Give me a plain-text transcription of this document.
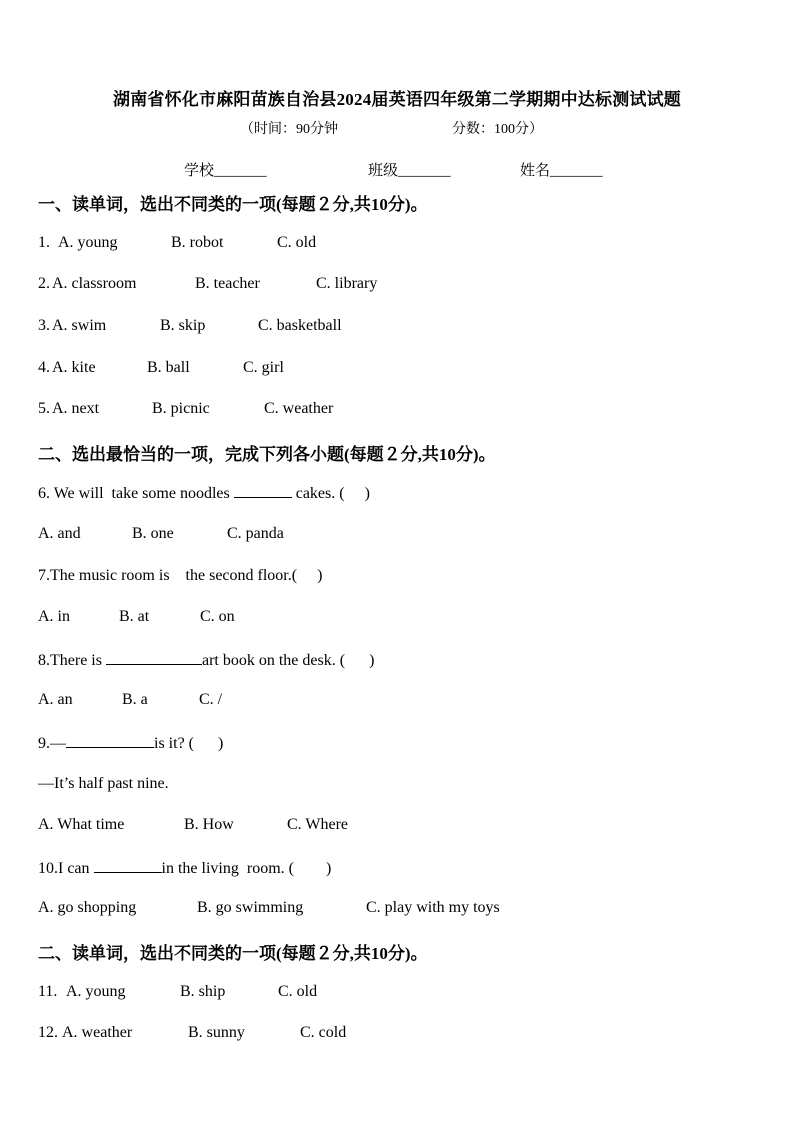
湖南省怀化市麻阳苗族自治县2024届英语四年级第二学期期中达标测试试题
（时间：90分钟	分数：100分）
学校_______	班级_______	姓名_______
一、读单词，选出不同类的一项(每题２分,共10分)。
1. A. young	B. robot	C. old
2. A. classroom	B. teacher	C. library
3. A. swim	B. skip	C. basketball
4. A. kite	B. ball	C. girl
5. A. next	B. picnic	C. weather
二、选出最恰当的一项，完成下列各小题(每题２分,共10分)。
6. We will  take some noodles	cakes. (     )
A. and	B. one	C. panda
7.The music room is    the second floor.(     )
A. in	B. at	C. on
8.There is	art book on the desk. (      )
A. an	B. a	C. /
9.—	is it? (      )
—It’s half past nine.
A. What time	B. How	C. Where
10.I can	in the living  room. (        )
A. go shopping	B. go swimming	C. play with my toys
二、读单词，选出不同类的一项(每题２分,共10分)。
11. A. young	B. ship	C. old
12. A. weather	B. sunny	C. cold
